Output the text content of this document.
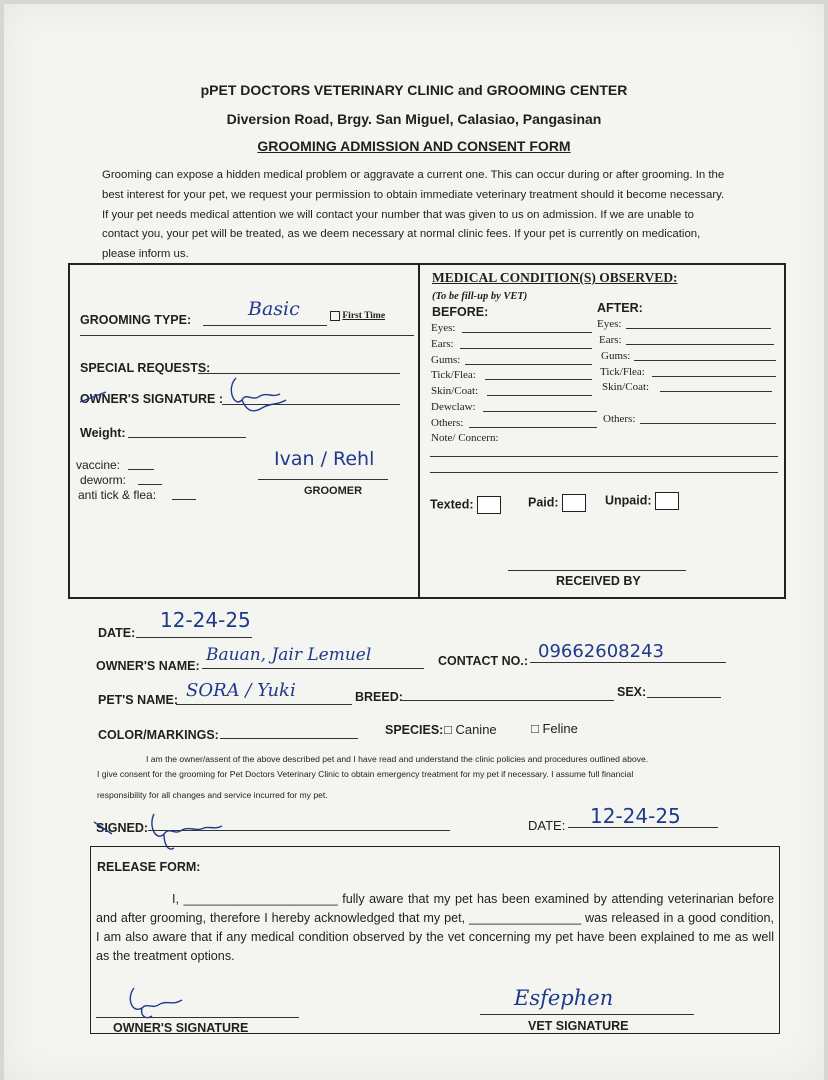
pPET DOCTORS VETERINARY CLINIC and GROOMING CENTER
Diversion Road, Brgy. San Miguel, Calasiao, Pangasinan
GROOMING ADMISSION AND CONSENT FORM
Grooming can expose a hidden medical problem or aggravate a current one. This can occur during or after grooming. In the best interest for your pet, we request your permission to obtain immediate veterinary treatment should it become necessary. If your pet needs medical attention we will contact your number that was given to us on admission. If we are unable to contact you, your pet will be treated, as we deem necessary at normal clinic fees. If your pet is currently on medication, please inform us.
GROOMING TYPE:	Basic	First Time
SPECIAL REQUESTS:
OWNER'S SIGNATURE :
Weight:
vaccine:
deworm:
anti tick & flea:
Ivan / Rehl
GROOMER
MEDICAL CONDITION(S) OBSERVED:
(To be fill-up by VET)
BEFORE:	AFTER:
Eyes:
Ears:
Gums:
Tick/Flea:
Skin/Coat:
Dewclaw:
Others:
Eyes:
Ears:
Gums:
Tick/Flea:
Skin/Coat:
Others:
Note/ Concern:
Texted:	Paid:	Unpaid:
RECEIVED BY
DATE:
12-24-25
OWNER'S NAME:
Bauan, Jair Lemuel	CONTACT NO.: 09662608243
PET'S NAME: SORA / Yuki	BREED:	SEX:
COLOR/MARKINGS:	SPECIES: □ Canine	□ Feline
I am the owner/assent of the above described pet and I have read and understand the clinic policies and procedures outlined above.
I give consent for the grooming for Pet Doctors Veterinary Clinic to obtain emergency treatment for my pet if necessary. I assume full financial
responsibility for all changes and service incurred for my pet.
SIGNED:	DATE: 12-24-25
RELEASE FORM:
I, ______________________ fully aware that my pet has been examined by attending veterinarian before and after grooming, therefore I hereby acknowledged that my pet, ________________ was released in a good condition, I am also aware that if any medical condition observed by the vet concerning my pet have been explained to me as well as the treatment options.
OWNER'S SIGNATURE
Esfephen
VET SIGNATURE
